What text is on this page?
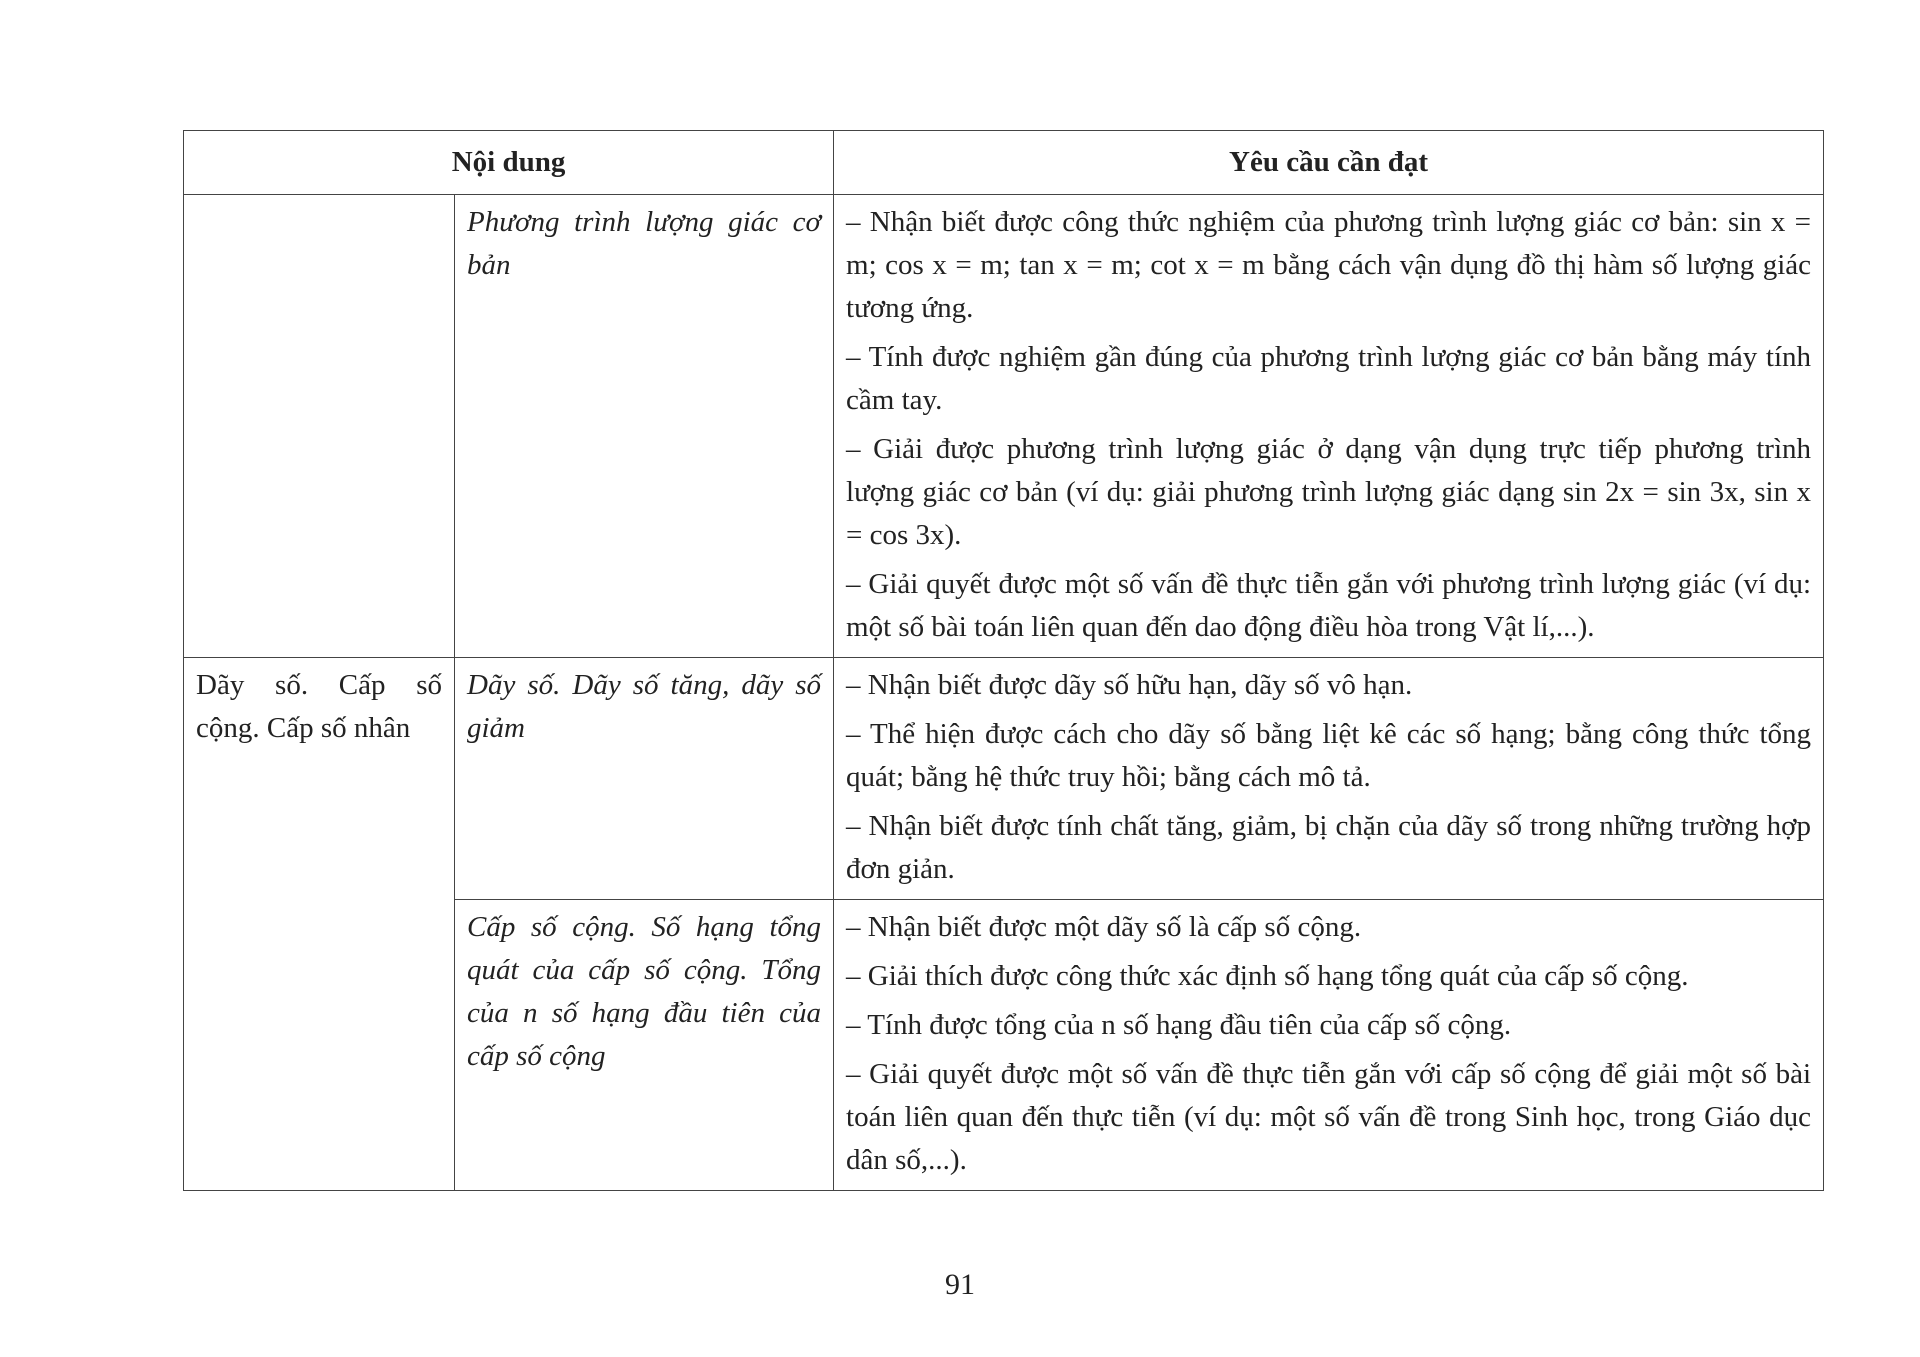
Nội dung		Yêu cầu cần đạt
	Phương trình lượng giác cơ bản	– Nhận biết được công thức nghiệm của phương trình lượng giác cơ bản: sin x = m; cos x = m; tan x = m; cot x = m bằng cách vận dụng đồ thị hàm số lượng giác tương ứng.

– Tính được nghiệm gần đúng của phương trình lượng giác cơ bản bằng máy tính cầm tay.

– Giải được phương trình lượng giác ở dạng vận dụng trực tiếp phương trình lượng giác cơ bản (ví dụ: giải phương trình lượng giác dạng sin 2x = sin 3x, sin x = cos 3x).

– Giải quyết được một số vấn đề thực tiễn gắn với phương trình lượng giác (ví dụ: một số bài toán liên quan đến dao động điều hòa trong Vật lí,...).

Dãy số. Cấp số cộng. Cấp số nhân	Dãy số. Dãy số tăng, dãy số giảm	– Nhận biết được dãy số hữu hạn, dãy số vô hạn.

– Thể hiện được cách cho dãy số bằng liệt kê các số hạng; bằng công thức tổng quát; bằng hệ thức truy hồi; bằng cách mô tả.

– Nhận biết được tính chất tăng, giảm, bị chặn của dãy số trong những trường hợp đơn giản.

	Cấp số cộng. Số hạng tổng quát của cấp số cộng. Tổng của n số hạng đầu tiên của cấp số cộng	– Nhận biết được một dãy số là cấp số cộng.

– Giải thích được công thức xác định số hạng tổng quát của cấp số cộng.

– Tính được tổng của n số hạng đầu tiên của cấp số cộng.

– Giải quyết được một số vấn đề thực tiễn gắn với cấp số cộng để giải một số bài toán liên quan đến thực tiễn (ví dụ: một số vấn đề trong Sinh học, trong Giáo dục dân số,...).

91
